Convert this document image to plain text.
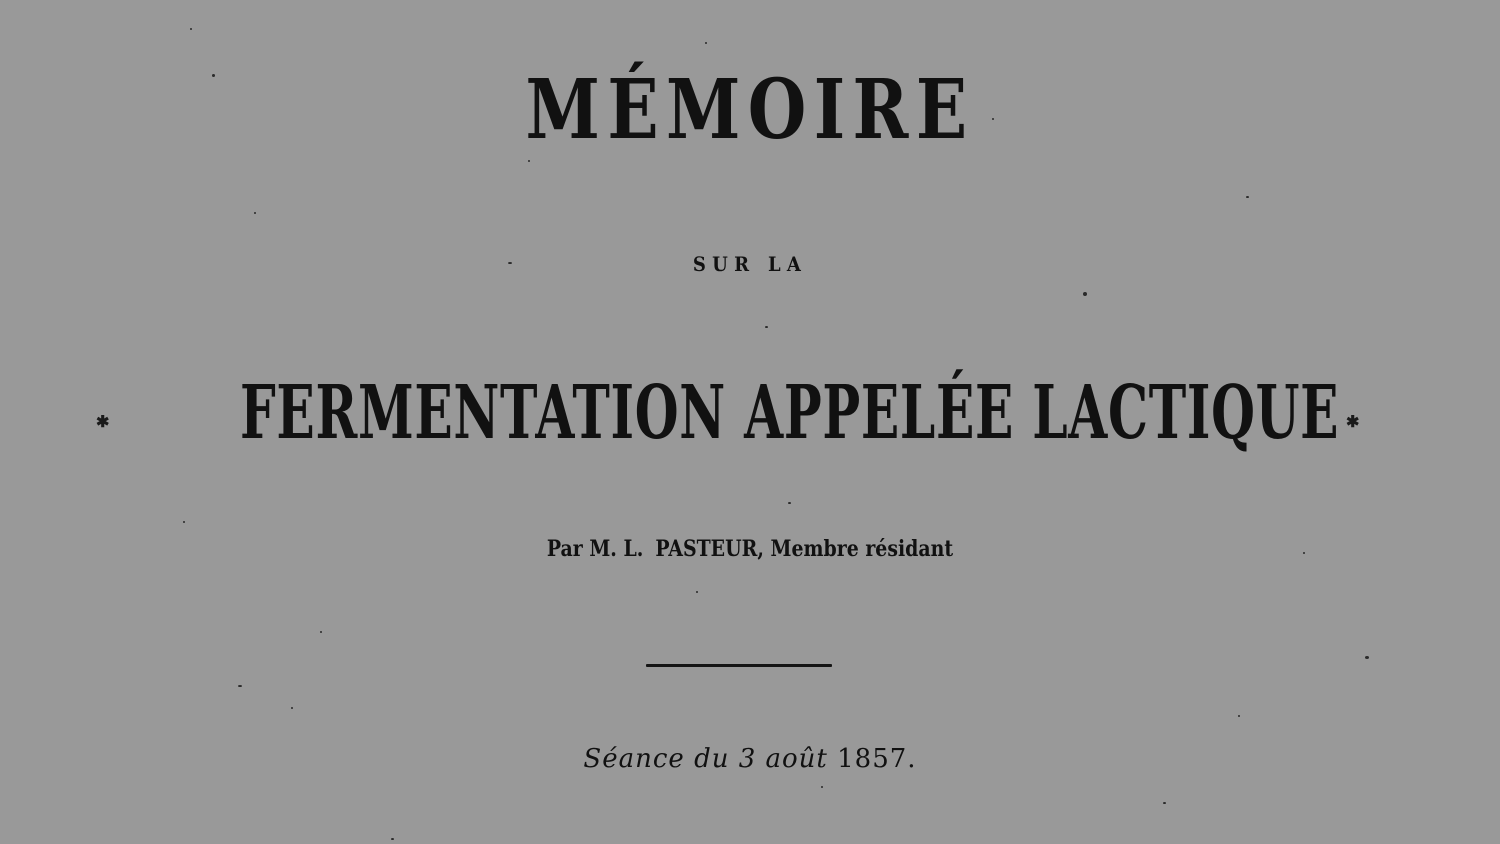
MÉMOIRE
SUR LA
✱ FERMENTATION APPELÉE LACTIQUE ✱
Par M. L. PASTEUR, Membre résidant
Séance du 3 août 1857.
